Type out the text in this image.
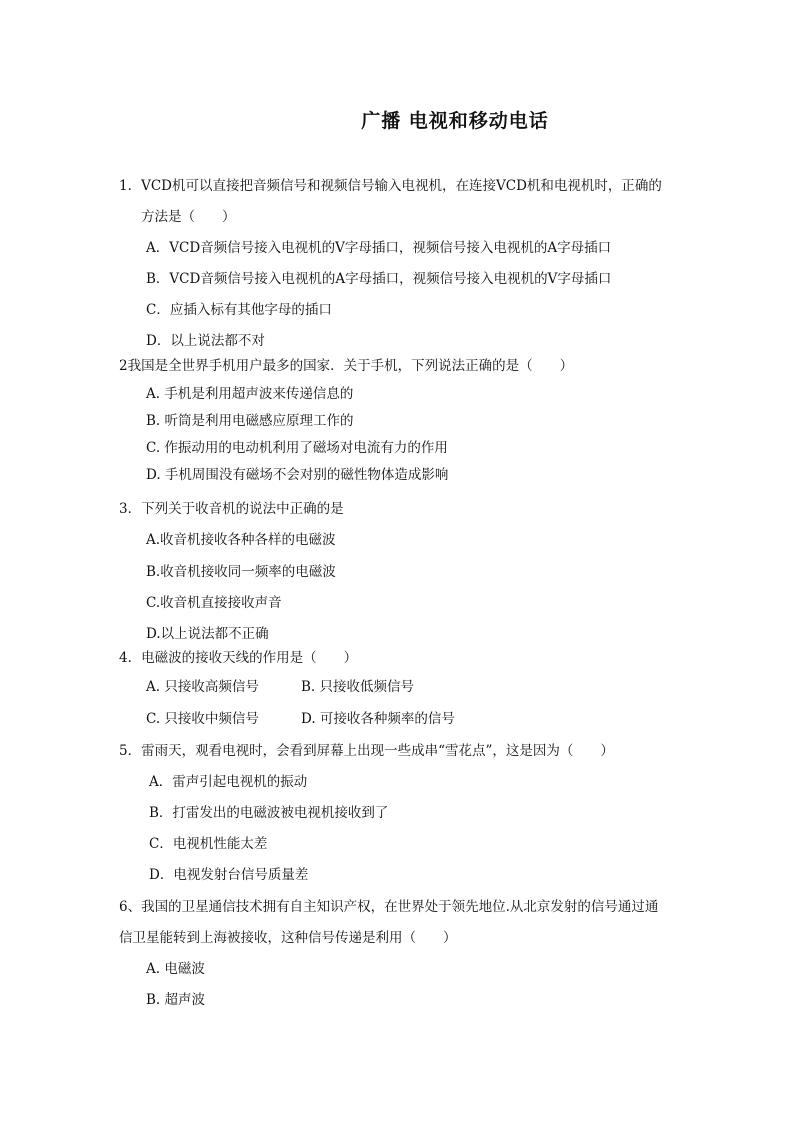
广播 电视和移动电话
1．VCD机可以直接把音频信号和视频信号输入电视机，在连接VCD机和电视机时，正确的
方法是（　　）
A．VCD音频信号接入电视机的V字母插口，视频信号接入电视机的A字母插口
B．VCD音频信号接入电视机的A字母插口，视频信号接入电视机的V字母插口
C．应插入标有其他字母的插口
D．以上说法都不对
2我国是全世界手机用户最多的国家．关于手机，下列说法正确的是（　　）
A. 手机是利用超声波来传递信息的
B. 听筒是利用电磁感应原理工作的
C. 作振动用的电动机利用了磁场对电流有力的作用
D. 手机周围没有磁场不会对别的磁性物体造成影响
3．下列关于收音机的说法中正确的是
A.收音机接收各种各样的电磁波
B.收音机接收同一频率的电磁波
C.收音机直接接收声音
D.以上说法都不正确
4．电磁波的接收天线的作用是（　　）
A. 只接收高频信号	B. 只接收低频信号
C. 只接收中频信号	D. 可接收各种频率的信号
5．雷雨天，观看电视时，会看到屏幕上出现一些成串“雪花点”，这是因为（　　）
A．雷声引起电视机的振动
B．打雷发出的电磁波被电视机接收到了
C．电视机性能太差
D．电视发射台信号质量差
6、我国的卫星通信技术拥有自主知识产权，在世界处于领先地位.从北京发射的信号通过通
信卫星能转到上海被接收，这种信号传递是利用（　　）
A. 电磁波
B. 超声波
